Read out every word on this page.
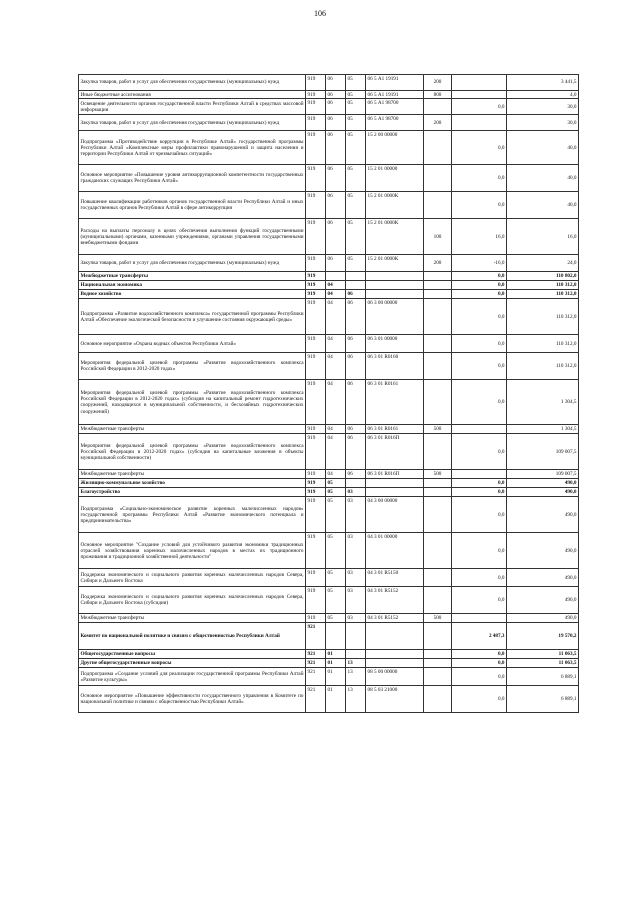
106
Закупка товаров, работ и услуг для обеспечения государственных (муниципальных) нужд	919	06	05	06 5 А1 19191	200		3 441,5
Иные бюджетные ассигнования	919	06	05	06 5 А1 19191	800		4,0
Освещение деятельности органов государственной власти Республики Алтай в средствах массовой информации	919	06	05	06 5 А1 98700		0,0	30,0
Закупка товаров, работ и услуг для обеспечения государственных (муниципальных) нужд	919	06	05	06 5 А1 98700	200		30,0
Подпрограмма «Противодействие коррупции в Республике Алтай» государственной программы Республики Алтай «Комплексные меры профилактики правонарушений и защита населения и территории Республики Алтай от чрезвычайных ситуаций»	919	06	05	15 2 00 00000		0,0	40,0
Основное мероприятие «Повышение уровня антикоррупционной компетентности государственных гражданских служащих Республики Алтай»	919	06	05	15 2 01 00000		0,0	40,0
Повышение квалификации работников органов государственной власти Республики Алтай и иных государственных органов Республики Алтай в сфере антикоррупции	919	06	05	15 2 01 0000К		0,0	40,0
Расходы на выплаты персоналу в целях обеспечения выполнения функций государственными (муниципальными) органами, казенными учреждениями, органами управления государственными внебюджетными фондами	919	06	05	15 2 01 0000К	100	16,0	16,0
Закупка товаров, работ и услуг для обеспечения государственных (муниципальных) нужд	919	06	05	15 2 01 0000К	200	-16,0	24,0
Межбюджетные трансферты	919					0,0	110 802,0
Национальная экономика	919	04				0,0	110 312,0
Водное хозяйство	919	04	06			0,0	110 312,0
Подпрограмма «Развитие водохозяйственного комплекса» государственной программы Республики Алтай «Обеспечение экологической безопасности и улучшение состояния окружающей среды»	919	04	06	06 3 00 00000		0,0	110 312,0
Основное мероприятие «Охрана водных объектов Республики Алтай»	919	04	06	06 3 01 00000		0,0	110 312,0
Мероприятия федеральной целевой программы «Развитие водохозяйственного комплекса Российской Федерации в 2012-2020 годах»	919	04	06	06 3 01 R0160		0,0	110 312,0
Мероприятия федеральной целевой программы «Развитие водохозяйственного комплекса Российской Федерации в 2012-2020 годах» (субсидия на капитальный ремонт гидротехнических сооружений, находящихся в муниципальной собственности, и бесхозяйных гидротехнических сооружений)	919	04	06	06 3 01 R0161		0,0	1 304,5
Межбюджетные трансферты	919	04	06	06 3 01 R0161	500		1 304,5
Мероприятия федеральной целевой программы «Развитие водохозяйственного комплекса Российской Федерации в 2012-2020 годах» (субсидия на капитальные вложения в объекты муниципальной собственности)	919	04	06	06 3 01 R016П		0,0	109 007,5
Межбюджетные трансферты	919	04	06	06 3 01 R016П	500		109 007,5
Жилищно-коммунальное хозяйство	919	05				0,0	490,0
Благоустройство	919	05	03			0,0	490,0
Подпрограмма «Социально-экономическое развитие коренных малочисленных народов» государственной программы Республики Алтай «Развитие экономического потенциала и предпринимательства»	919	05	03	04 3 00 00000		0,0	490,0
Основное мероприятие "Создание условий для устойчивого развития экономики традиционных отраслей хозяйствования коренных малочисленных народов в местах их традиционного проживания и традиционной хозяйственной деятельности"	919	05	03	04 3 01 00000		0,0	490,0
Поддержка экономического и социального развития коренных малочисленных народов Севера, Сибири и Дальнего Востока	919	05	03	04 3 01 R5150		0,0	490,0
Поддержка экономического и социального развития коренных малочисленных народов Севера, Сибири и Дальнего Востока (субсидии)	919	05	03	04 3 01 R5152		0,0	490,0
Межбюджетные трансферты	919	05	03	04 3 01 R5152	500		490,0
Комитет по национальной политике и связям с общественностью Республики Алтай	921					2 487,3	19 570,2
Общегосударственные вопросы	921	01				0,0	11 063,5
Другие общегосударственные вопросы	921	01	13			0,0	11 063,5
Подпрограмма «Создание условий для реализации государственной программы Республики Алтай «Развитие культуры»	921	01	13	08 5 00 00000		0,0	6 889,1
Основное мероприятие «Повышение эффективности государственного управления в Комитете по национальной политике и связям с общественностью Республики Алтай»	921	01	13	08 5 03 21000		0,0	6 889,1
